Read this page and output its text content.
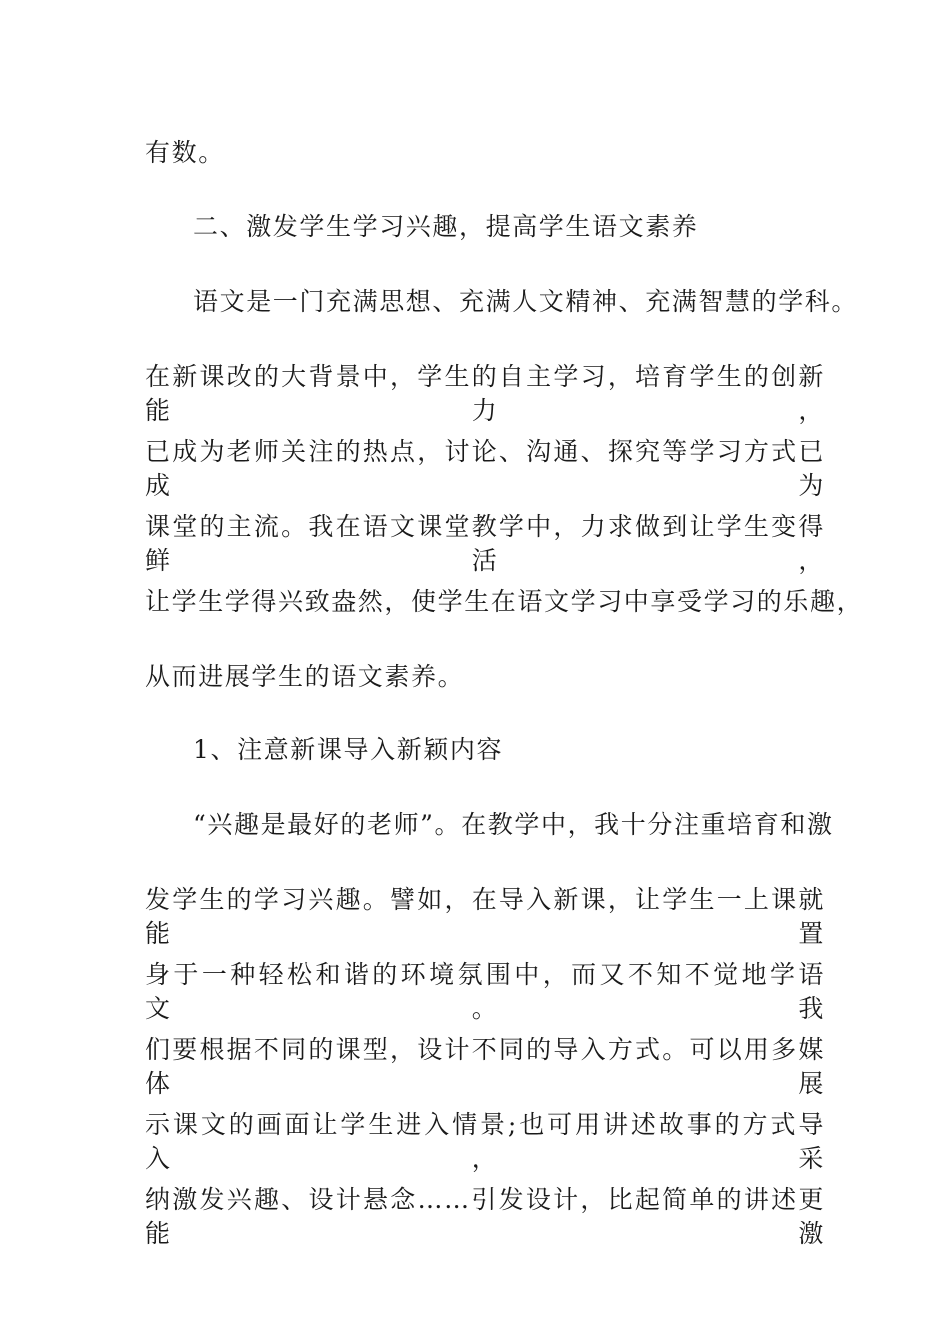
有数。

二、激发学生学习兴趣，提高学生语文素养

语文是一门充满思想、充满人文精神、充满智慧的学科。

在新课改的大背景中，学生的自主学习，培育学生的创新能力，

已成为老师关注的热点，讨论、沟通、探究等学习方式已成为

课堂的主流。我在语文课堂教学中，力求做到让学生变得鲜活，

让学生学得兴致盎然，使学生在语文学习中享受学习的乐趣，

从而进展学生的语文素养。

1、注意新课导入新颖内容

“兴趣是最好的老师”。在教学中，我十分注重培育和激

发学生的学习兴趣。譬如，在导入新课，让学生一上课就能置

身于一种轻松和谐的环境氛围中，而又不知不觉地学语文。我

们要根据不同的课型，设计不同的导入方式。可以用多媒体展

示课文的画面让学生进入情景;也可用讲述故事的方式导入，采

纳激发兴趣、设计悬念……引发设计，比起简单的讲述更能激
